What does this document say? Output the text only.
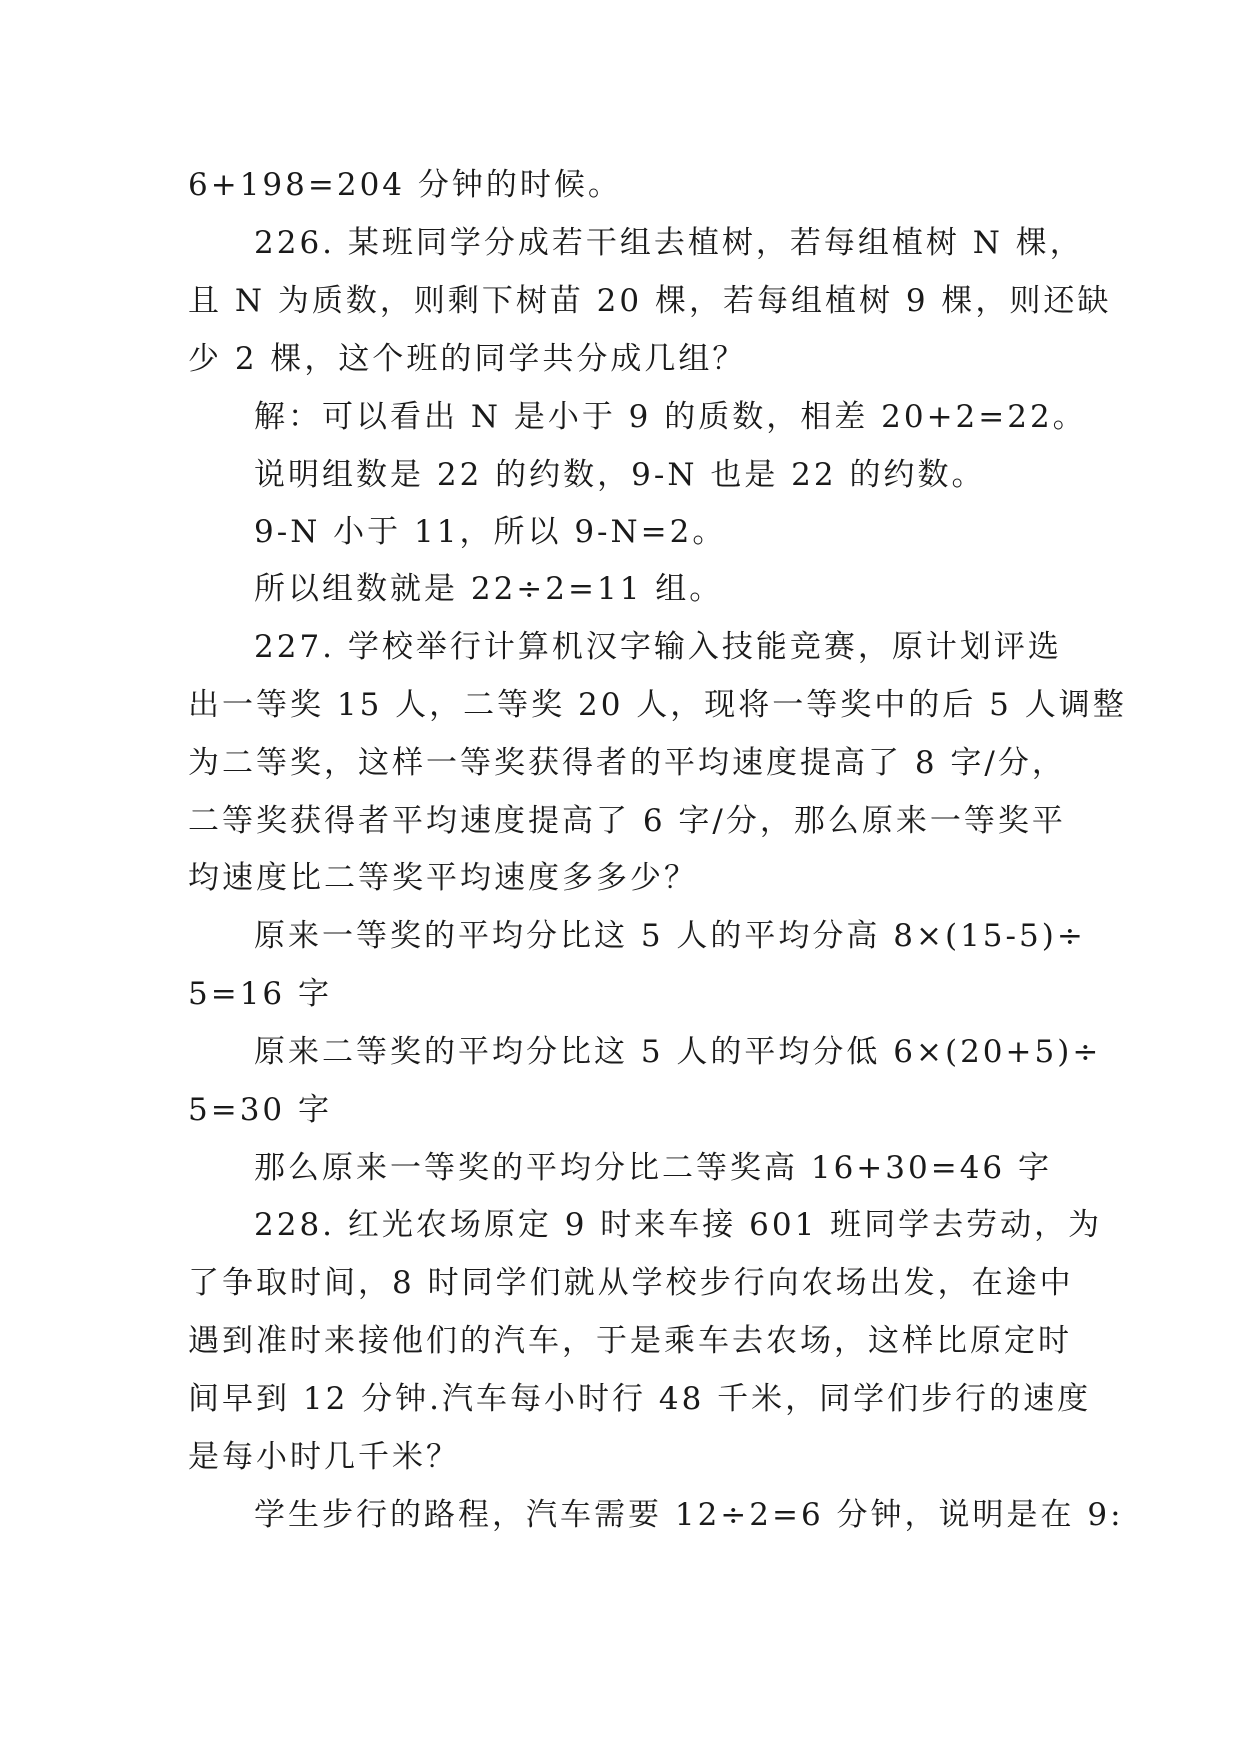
6+198=204 分钟的时候。
226. 某班同学分成若干组去植树，若每组植树 N 棵，
且 N 为质数，则剩下树苗 20 棵，若每组植树 9 棵，则还缺
少 2 棵，这个班的同学共分成几组？
解：可以看出 N 是小于 9 的质数，相差 20+2=22。
说明组数是 22 的约数，9-N 也是 22 的约数。
9-N 小于 11，所以 9-N=2。
所以组数就是 22÷2=11 组。
227. 学校举行计算机汉字输入技能竞赛，原计划评选
出一等奖 15 人，二等奖 20 人，现将一等奖中的后 5 人调整
为二等奖，这样一等奖获得者的平均速度提高了 8 字/分，
二等奖获得者平均速度提高了 6 字/分，那么原来一等奖平
均速度比二等奖平均速度多多少？
原来一等奖的平均分比这 5 人的平均分高 8×(15-5)÷
5=16 字
原来二等奖的平均分比这 5 人的平均分低 6×(20+5)÷
5=30 字
那么原来一等奖的平均分比二等奖高 16+30=46 字
228. 红光农场原定 9 时来车接 601 班同学去劳动，为
了争取时间，8 时同学们就从学校步行向农场出发，在途中
遇到准时来接他们的汽车，于是乘车去农场，这样比原定时
间早到 12 分钟.汽车每小时行 48 千米，同学们步行的速度
是每小时几千米？
学生步行的路程，汽车需要 12÷2=6 分钟，说明是在 9:
